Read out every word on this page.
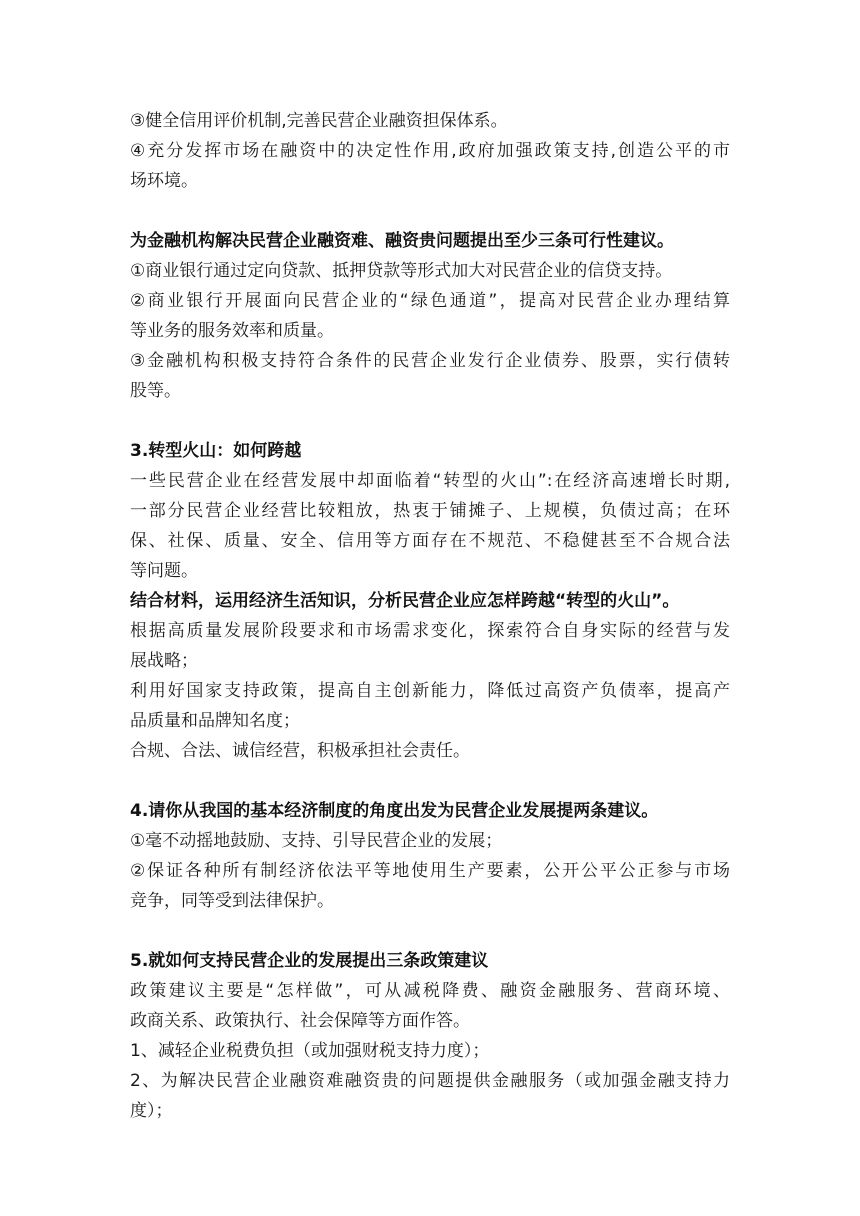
③健全信用评价机制,完善民营企业融资担保体系。
④充分发挥市场在融资中的决定性作用,政府加强政策支持,创造公平的市
场环境。
为金融机构解决民营企业融资难、融资贵问题提出至少三条可行性建议。
①商业银行通过定向贷款、抵押贷款等形式加大对民营企业的信贷支持。
②商业银行开展面向民营企业的“绿色通道”，提高对民营企业办理结算
等业务的服务效率和质量。
③金融机构积极支持符合条件的民营企业发行企业债券、股票，实行债转
股等。
3.转型火山：如何跨越
一些民营企业在经营发展中却面临着“转型的火山”:在经济高速增长时期,
一部分民营企业经营比较粗放，热衷于铺摊子、上规模，负债过高；在环
保、社保、质量、安全、信用等方面存在不规范、不稳健甚至不合规合法
等问题。
结合材料，运用经济生活知识，分析民营企业应怎样跨越“转型的火山”。
根据高质量发展阶段要求和市场需求变化，探索符合自身实际的经营与发
展战略；
利用好国家支持政策，提高自主创新能力，降低过高资产负债率，提高产
品质量和品牌知名度；
合规、合法、诚信经营，积极承担社会责任。
4.请你从我国的基本经济制度的角度出发为民营企业发展提两条建议。
①毫不动摇地鼓励、支持、引导民营企业的发展；
②保证各种所有制经济依法平等地使用生产要素，公开公平公正参与市场
竞争，同等受到法律保护。
5.就如何支持民营企业的发展提出三条政策建议
政策建议主要是“怎样做”，可从减税降费、融资金融服务、营商环境、
政商关系、政策执行、社会保障等方面作答。
1、减轻企业税费负担（或加强财税支持力度）；
2、为解决民营企业融资难融资贵的问题提供金融服务（或加强金融支持力
度）；
